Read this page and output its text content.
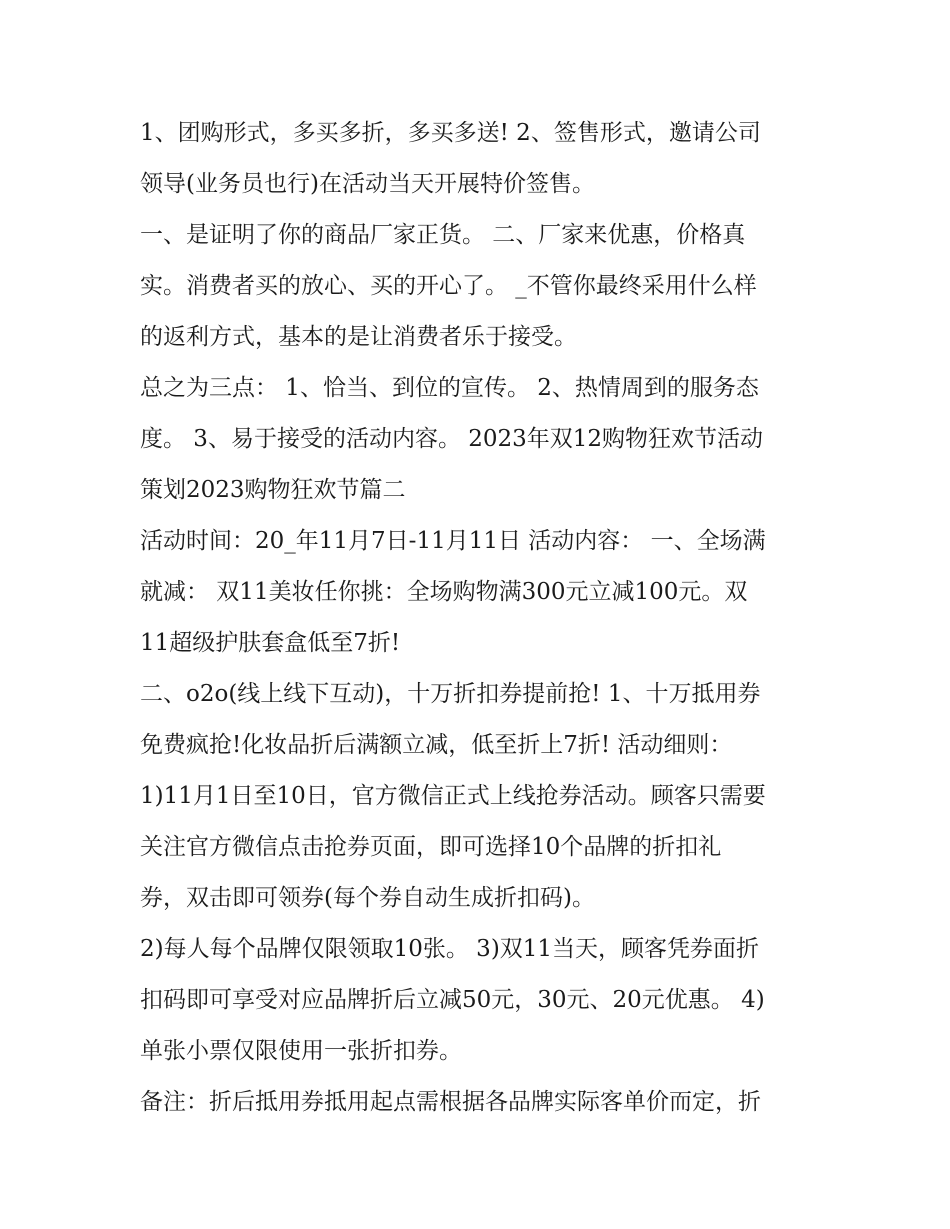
1、团购形式，多买多折，多买多送! 2、签售形式，邀请公司
领导(业务员也行)在活动当天开展特价签售。

一、是证明了你的商品厂家正货。 二、厂家来优惠，价格真
实。消费者买的放心、买的开心了。 _不管你最终采用什么样
的返利方式，基本的是让消费者乐于接受。

总之为三点： 1、恰当、到位的宣传。 2、热情周到的服务态
度。 3、易于接受的活动内容。 2023年双12购物狂欢节活动
策划2023购物狂欢节篇二

活动时间：20_年11月7日-11月11日 活动内容： 一、全场满
就减： 双11美妆任你挑：全场购物满300元立减100元。双
11超级护肤套盒低至7折!

二、o2o(线上线下互动)，十万折扣券提前抢! 1、十万抵用券
免费疯抢!化妆品折后满额立减，低至折上7折! 活动细则：
1)11月1日至10日，官方微信正式上线抢券活动。顾客只需要
关注官方微信点击抢券页面，即可选择10个品牌的折扣礼
券，双击即可领券(每个券自动生成折扣码)。

2)每人每个品牌仅限领取10张。 3)双11当天，顾客凭券面折
扣码即可享受对应品牌折后立减50元，30元、20元优惠。 4)
单张小票仅限使用一张折扣券。

备注：折后抵用券抵用起点需根据各品牌实际客单价而定，折
